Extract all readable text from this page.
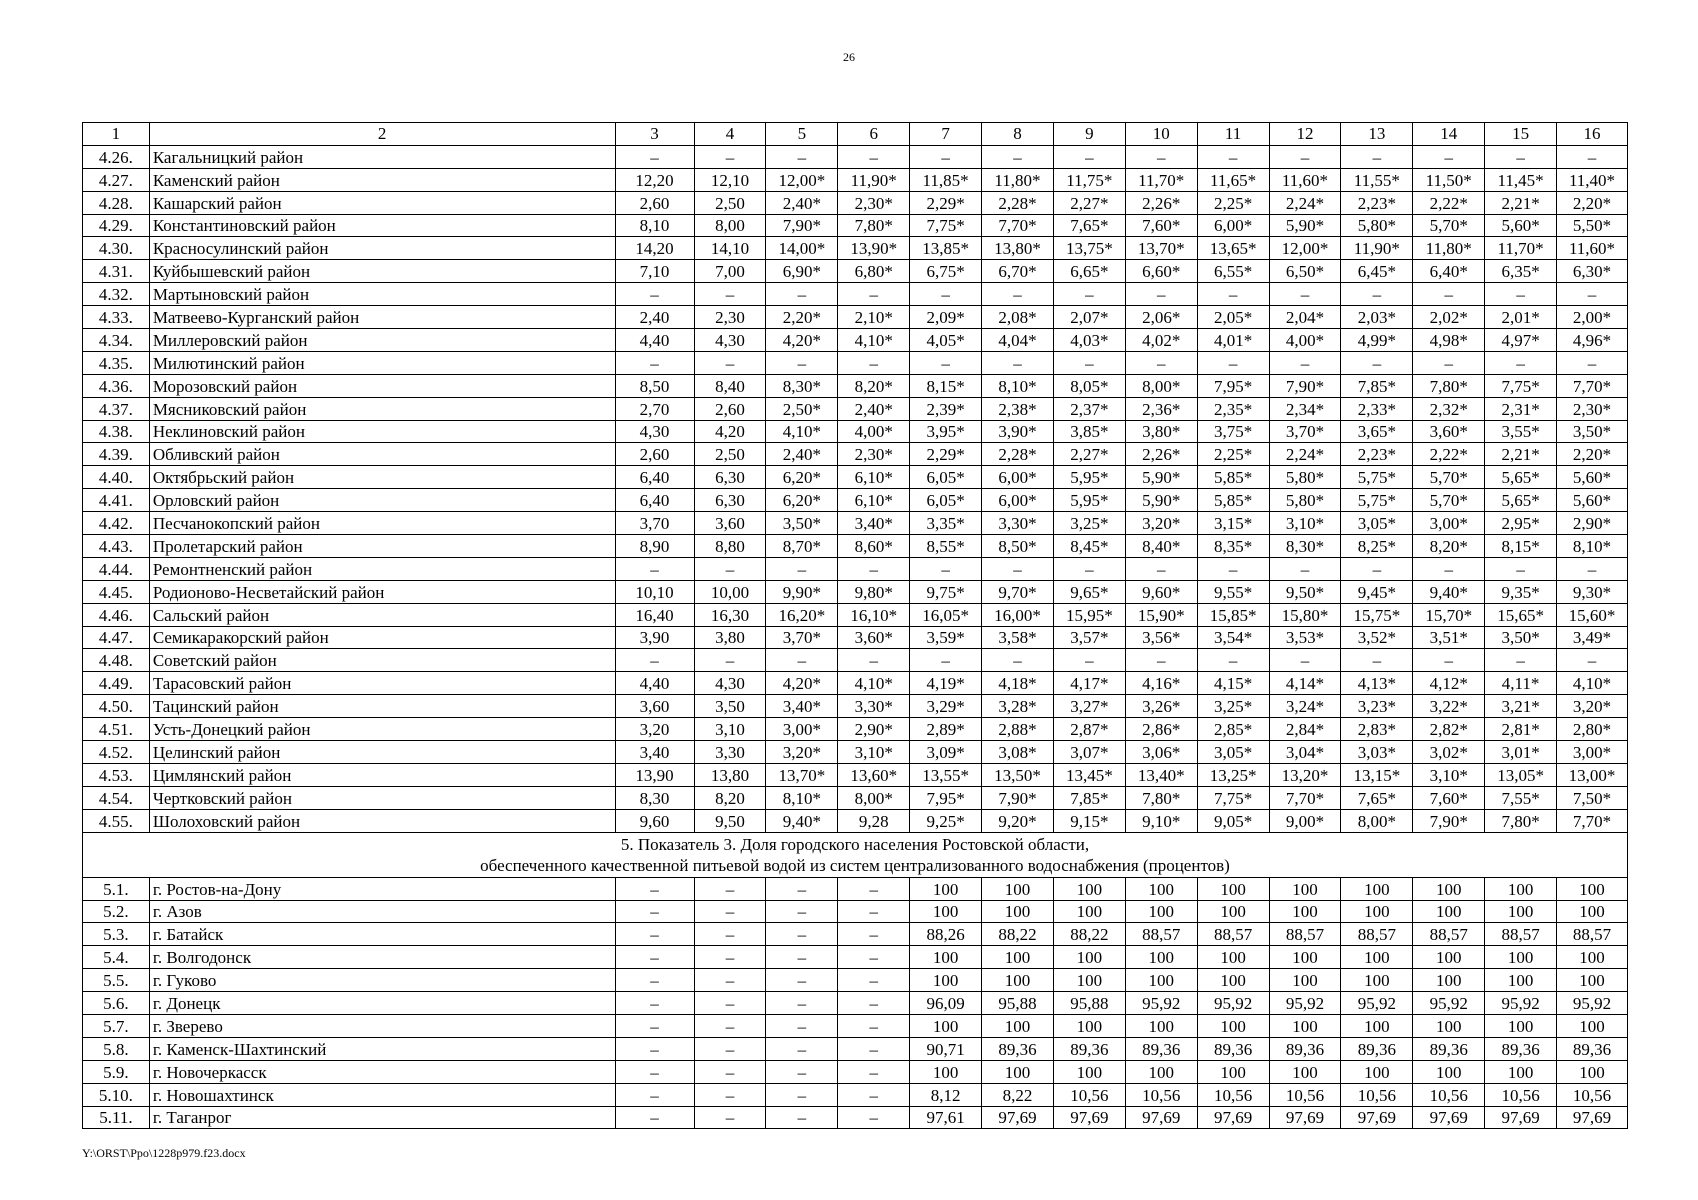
26
1	2	3	4	5	6	7	8	9	10	11	12	13	14	15	16
4.26.	Кагальницкий район	–	–	–	–	–	–	–	–	–	–	–	–	–	–
4.27.	Каменский район	12,20	12,10	12,00*	11,90*	11,85*	11,80*	11,75*	11,70*	11,65*	11,60*	11,55*	11,50*	11,45*	11,40*
4.28.	Кашарский район	2,60	2,50	2,40*	2,30*	2,29*	2,28*	2,27*	2,26*	2,25*	2,24*	2,23*	2,22*	2,21*	2,20*
4.29.	Константиновский район	8,10	8,00	7,90*	7,80*	7,75*	7,70*	7,65*	7,60*	6,00*	5,90*	5,80*	5,70*	5,60*	5,50*
4.30.	Красносулинский район	14,20	14,10	14,00*	13,90*	13,85*	13,80*	13,75*	13,70*	13,65*	12,00*	11,90*	11,80*	11,70*	11,60*
4.31.	Куйбышевский район	7,10	7,00	6,90*	6,80*	6,75*	6,70*	6,65*	6,60*	6,55*	6,50*	6,45*	6,40*	6,35*	6,30*
4.32.	Мартыновский район	–	–	–	–	–	–	–	–	–	–	–	–	–	–
4.33.	Матвеево-Курганский район	2,40	2,30	2,20*	2,10*	2,09*	2,08*	2,07*	2,06*	2,05*	2,04*	2,03*	2,02*	2,01*	2,00*
4.34.	Миллеровский район	4,40	4,30	4,20*	4,10*	4,05*	4,04*	4,03*	4,02*	4,01*	4,00*	4,99*	4,98*	4,97*	4,96*
4.35.	Милютинский район	–	–	–	–	–	–	–	–	–	–	–	–	–	–
4.36.	Морозовский район	8,50	8,40	8,30*	8,20*	8,15*	8,10*	8,05*	8,00*	7,95*	7,90*	7,85*	7,80*	7,75*	7,70*
4.37.	Мясниковский район	2,70	2,60	2,50*	2,40*	2,39*	2,38*	2,37*	2,36*	2,35*	2,34*	2,33*	2,32*	2,31*	2,30*
4.38.	Неклиновский район	4,30	4,20	4,10*	4,00*	3,95*	3,90*	3,85*	3,80*	3,75*	3,70*	3,65*	3,60*	3,55*	3,50*
4.39.	Обливский район	2,60	2,50	2,40*	2,30*	2,29*	2,28*	2,27*	2,26*	2,25*	2,24*	2,23*	2,22*	2,21*	2,20*
4.40.	Октябрьский район	6,40	6,30	6,20*	6,10*	6,05*	6,00*	5,95*	5,90*	5,85*	5,80*	5,75*	5,70*	5,65*	5,60*
4.41.	Орловский район	6,40	6,30	6,20*	6,10*	6,05*	6,00*	5,95*	5,90*	5,85*	5,80*	5,75*	5,70*	5,65*	5,60*
4.42.	Песчанокопский район	3,70	3,60	3,50*	3,40*	3,35*	3,30*	3,25*	3,20*	3,15*	3,10*	3,05*	3,00*	2,95*	2,90*
4.43.	Пролетарский район	8,90	8,80	8,70*	8,60*	8,55*	8,50*	8,45*	8,40*	8,35*	8,30*	8,25*	8,20*	8,15*	8,10*
4.44.	Ремонтненский район	–	–	–	–	–	–	–	–	–	–	–	–	–	–
4.45.	Родионово-Несветайский район	10,10	10,00	9,90*	9,80*	9,75*	9,70*	9,65*	9,60*	9,55*	9,50*	9,45*	9,40*	9,35*	9,30*
4.46.	Сальский район	16,40	16,30	16,20*	16,10*	16,05*	16,00*	15,95*	15,90*	15,85*	15,80*	15,75*	15,70*	15,65*	15,60*
4.47.	Семикаракорский район	3,90	3,80	3,70*	3,60*	3,59*	3,58*	3,57*	3,56*	3,54*	3,53*	3,52*	3,51*	3,50*	3,49*
4.48.	Советский район	–	–	–	–	–	–	–	–	–	–	–	–	–	–
4.49.	Тарасовский район	4,40	4,30	4,20*	4,10*	4,19*	4,18*	4,17*	4,16*	4,15*	4,14*	4,13*	4,12*	4,11*	4,10*
4.50.	Тацинский район	3,60	3,50	3,40*	3,30*	3,29*	3,28*	3,27*	3,26*	3,25*	3,24*	3,23*	3,22*	3,21*	3,20*
4.51.	Усть-Донецкий район	3,20	3,10	3,00*	2,90*	2,89*	2,88*	2,87*	2,86*	2,85*	2,84*	2,83*	2,82*	2,81*	2,80*
4.52.	Целинский район	3,40	3,30	3,20*	3,10*	3,09*	3,08*	3,07*	3,06*	3,05*	3,04*	3,03*	3,02*	3,01*	3,00*
4.53.	Цимлянский район	13,90	13,80	13,70*	13,60*	13,55*	13,50*	13,45*	13,40*	13,25*	13,20*	13,15*	3,10*	13,05*	13,00*
4.54.	Чертковский район	8,30	8,20	8,10*	8,00*	7,95*	7,90*	7,85*	7,80*	7,75*	7,70*	7,65*	7,60*	7,55*	7,50*
4.55.	Шолоховский район	9,60	9,50	9,40*	9,28	9,25*	9,20*	9,15*	9,10*	9,05*	9,00*	8,00*	7,90*	7,80*	7,70*

5. Показатель 3. Доля городского населения Ростовской области,
обеспеченного качественной питьевой водой из систем централизованного водоснабжения (процентов)															

5.1.	г. Ростов-на-Дону	–	–	–	–	100	100	100	100	100	100	100	100	100	100
5.2.	г. Азов	–	–	–	–	100	100	100	100	100	100	100	100	100	100
5.3.	г. Батайск	–	–	–	–	88,26	88,22	88,22	88,57	88,57	88,57	88,57	88,57	88,57	88,57
5.4.	г. Волгодонск	–	–	–	–	100	100	100	100	100	100	100	100	100	100
5.5.	г. Гуково	–	–	–	–	100	100	100	100	100	100	100	100	100	100
5.6.	г. Донецк	–	–	–	–	96,09	95,88	95,88	95,92	95,92	95,92	95,92	95,92	95,92	95,92
5.7.	г. Зверево	–	–	–	–	100	100	100	100	100	100	100	100	100	100
5.8.	г. Каменск-Шахтинский	–	–	–	–	90,71	89,36	89,36	89,36	89,36	89,36	89,36	89,36	89,36	89,36
5.9.	г. Новочеркасск	–	–	–	–	100	100	100	100	100	100	100	100	100	100
5.10.	г. Новошахтинск	–	–	–	–	8,12	8,22	10,56	10,56	10,56	10,56	10,56	10,56	10,56	10,56
5.11.	г. Таганрог	–	–	–	–	97,61	97,69	97,69	97,69	97,69	97,69	97,69	97,69	97,69	97,69
Y:\ORST\Ppo\1228p979.f23.docx
